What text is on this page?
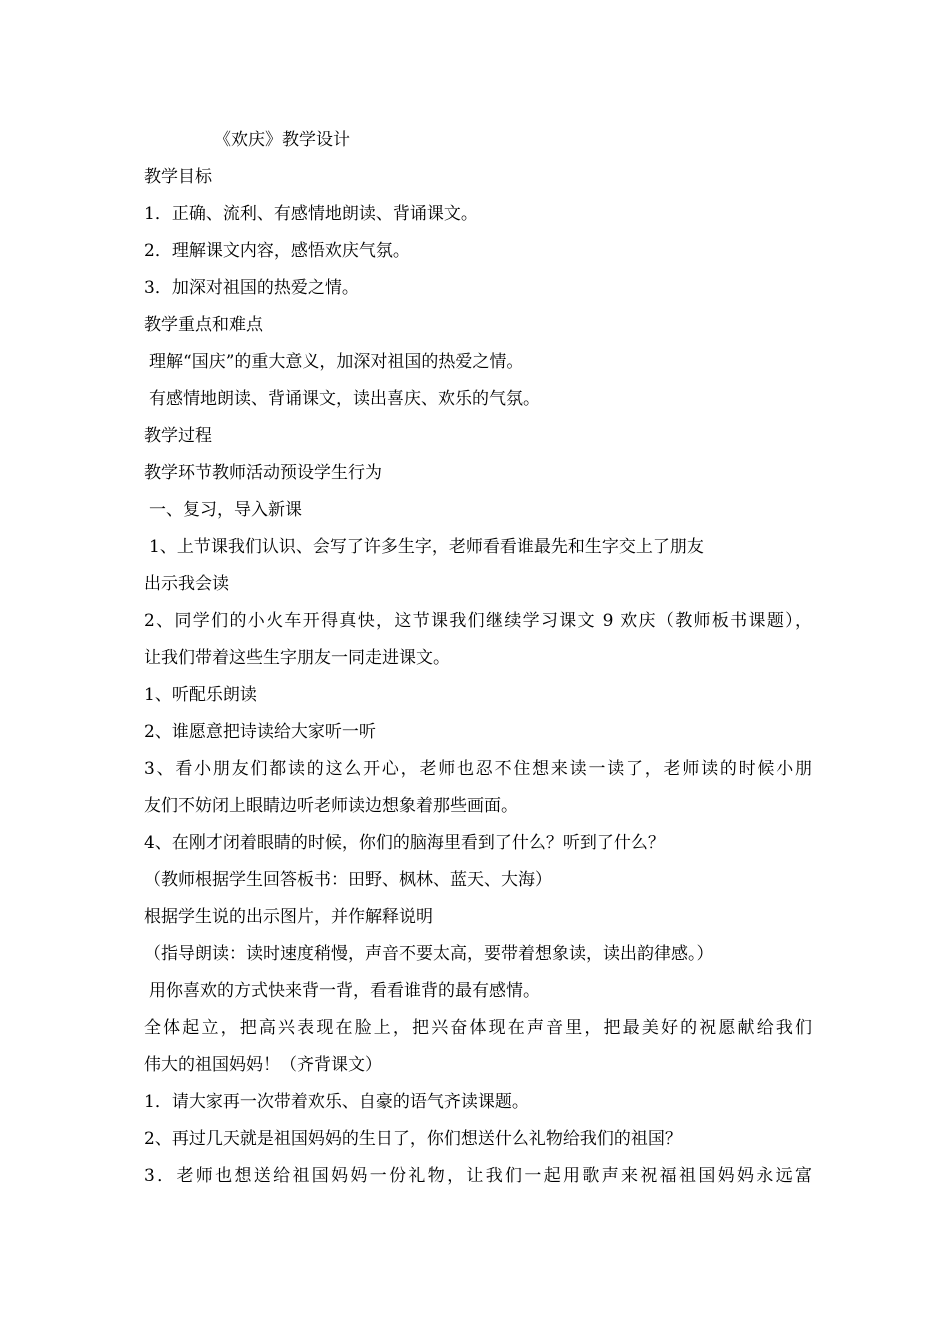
《欢庆》教学设计
教学目标
1．正确、流利、有感情地朗读、背诵课文。
2．理解课文内容，感悟欢庆气氛。
3．加深对祖国的热爱之情。
教学重点和难点
理解“国庆”的重大意义，加深对祖国的热爱之情。
有感情地朗读、背诵课文，读出喜庆、欢乐的气氛。
教学过程
教学环节教师活动预设学生行为
一、复习，导入新课
1、上节课我们认识、会写了许多生字，老师看看谁最先和生字交上了朋友
出示我会读
2、同学们的小火车开得真快，这节课我们继续学习课文 9 欢庆（教师板书课题），
让我们带着这些生字朋友一同走进课文。
1、听配乐朗读
2、谁愿意把诗读给大家听一听
3、看小朋友们都读的这么开心，老师也忍不住想来读一读了，老师读的时候小朋
友们不妨闭上眼睛边听老师读边想象着那些画面。
4、在刚才闭着眼睛的时候，你们的脑海里看到了什么？听到了什么？
（教师根据学生回答板书：田野、枫林、蓝天、大海）
根据学生说的出示图片，并作解释说明
（指导朗读：读时速度稍慢，声音不要太高，要带着想象读，读出韵律感。）
用你喜欢的方式快来背一背，看看谁背的最有感情。
全体起立，把高兴表现在脸上，把兴奋体现在声音里，把最美好的祝愿献给我们
伟大的祖国妈妈！（齐背课文）
1．请大家再一次带着欢乐、自豪的语气齐读课题。
2、再过几天就是祖国妈妈的生日了，你们想送什么礼物给我们的祖国？
3．老师也想送给祖国妈妈一份礼物，让我们一起用歌声来祝福祖国妈妈永远富
